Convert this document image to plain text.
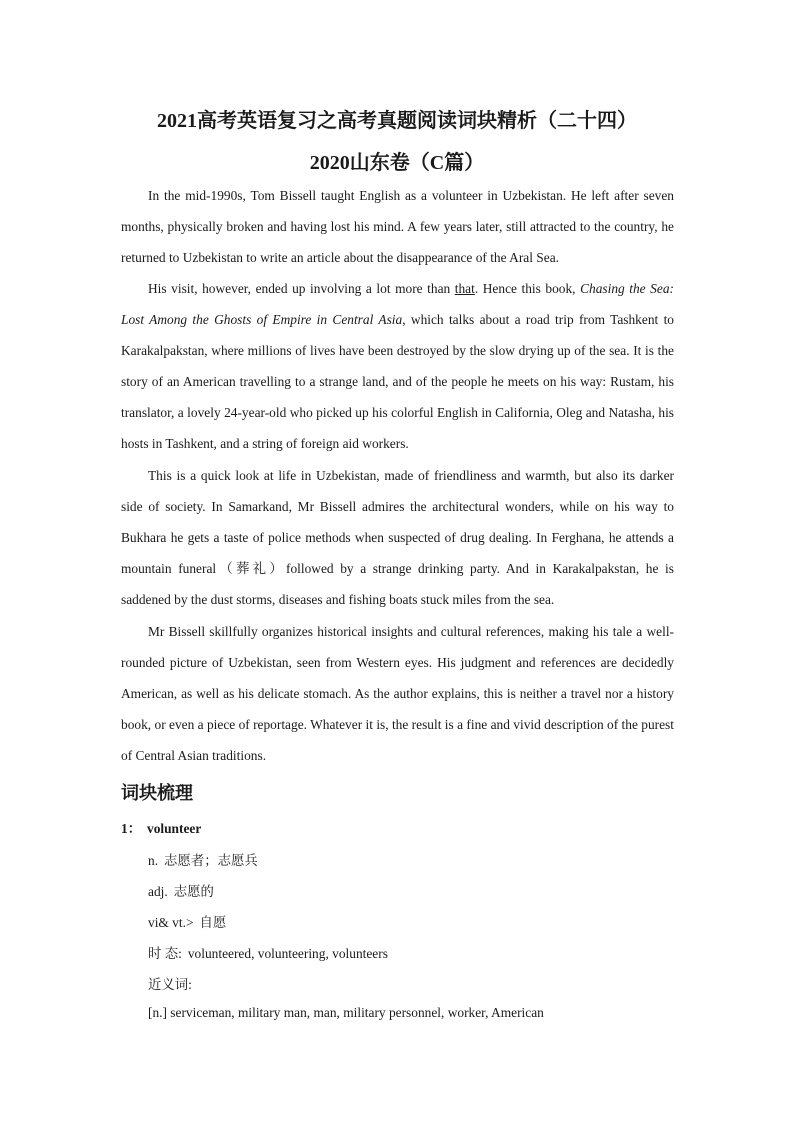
2021高考英语复习之高考真题阅读词块精析（二十四）
2020山东卷（C篇）

In the mid-1990s, Tom Bissell taught English as a volunteer in Uzbekistan. He left after seven months, physically broken and having lost his mind. A few years later, still attracted to the country, he returned to Uzbekistan to write an article about the disappearance of the Aral Sea.

His visit, however, ended up involving a lot more than that. Hence this book, Chasing the Sea: Lost Among the Ghosts of Empire in Central Asia, which talks about a road trip from Tashkent to Karakalpakstan, where millions of lives have been destroyed by the slow drying up of the sea. It is the story of an American travelling to a strange land, and of the people he meets on his way: Rustam, his translator, a lovely 24-year-old who picked up his colorful English in California, Oleg and Natasha, his hosts in Tashkent, and a string of foreign aid workers.

This is a quick look at life in Uzbekistan, made of friendliness and warmth, but also its darker side of society. In Samarkand, Mr Bissell admires the architectural wonders, while on his way to Bukhara he gets a taste of police methods when suspected of drug dealing. In Ferghana, he attends a mountain funeral（葬礼）followed by a strange drinking party. And in Karakalpakstan, he is saddened by the dust storms, diseases and fishing boats stuck miles from the sea.

Mr Bissell skillfully organizes historical insights and cultural references, making his tale a well-rounded picture of Uzbekistan, seen from Western eyes. His judgment and references are decidedly American, as well as his delicate stomach. As the author explains, this is neither a travel nor a history book, or even a piece of reportage. Whatever it is, the result is a fine and vivid description of the purest of Central Asian traditions.

词块梳理
1： volunteer
n. 志愿者；志愿兵
adj. 志愿的
vi& vt.> 自愿
时 态: volunteered, volunteering, volunteers
近义词:
[n.] serviceman, military man, man, military personnel, worker, American
